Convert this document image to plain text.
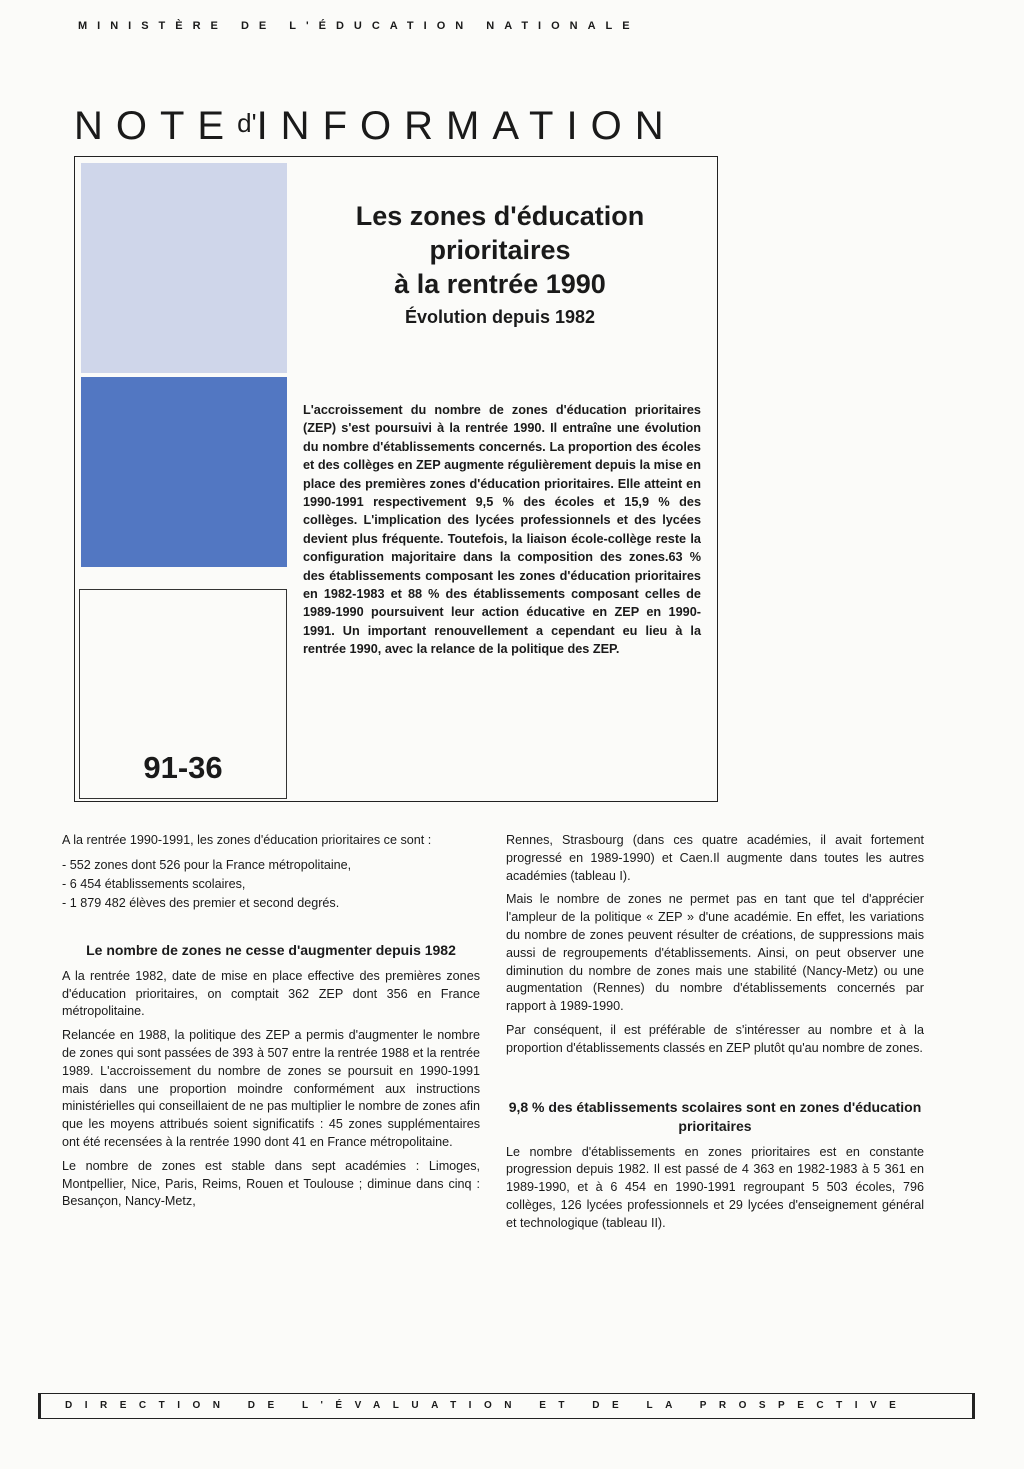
MINISTÈRE DE L'ÉDUCATION NATIONALE
$NOTE^{d'}INFORMATION$
91-36
Les zones d'éducation
prioritaires
à la rentrée 1990
Évolution depuis 1982

L'accroissement du nombre de zones d'éducation prioritaires (ZEP) s'est poursuivi à la rentrée 1990. Il entraîne une évolution du nombre d'établissements concernés. La proportion des écoles et des collèges en ZEP augmente régulièrement depuis la mise en place des premières zones d'éducation prioritaires. Elle atteint en 1990-1991 respectivement 9,5 % des écoles et 15,9 % des collèges. L'implication des lycées professionnels et des lycées devient plus fréquente. Toutefois, la liaison école-collège reste la configuration majoritaire dans la composition des zones.63 % des établissements composant les zones d'éducation prioritaires en 1982-1983 et 88 % des établissements composant celles de 1989-1990 poursuivent leur action éducative en ZEP en 1990-1991. Un important renouvellement a cependant eu lieu à la rentrée 1990, avec la relance de la politique des ZEP.

A la rentrée 1990-1991, les zones d'éducation prioritaires ce sont :

- 552 zones dont 526 pour la France métropolitaine,
- 6 454 établissements scolaires,
- 1 879 482 élèves des premier et second degrés.
Le nombre de zones ne cesse d'augmenter depuis 1982

A la rentrée 1982, date de mise en place effective des premières zones d'éducation prioritaires, on comptait 362 ZEP dont 356 en France métropolitaine.

Relancée en 1988, la politique des ZEP a permis d'augmenter le nombre de zones qui sont passées de 393 à 507 entre la rentrée 1988 et la rentrée 1989. L'accroissement du nombre de zones se poursuit en 1990-1991 mais dans une proportion moindre conformément aux instructions ministérielles qui conseillaient de ne pas multiplier le nombre de zones afin que les moyens attribués soient significatifs : 45 zones supplémentaires ont été recensées à la rentrée 1990 dont 41 en France métropolitaine.

Le nombre de zones est stable dans sept académies : Limoges, Montpellier, Nice, Paris, Reims, Rouen et Toulouse ; diminue dans cinq : Besançon, Nancy-Metz,

Rennes, Strasbourg (dans ces quatre académies, il avait fortement progressé en 1989-1990) et Caen.Il augmente dans toutes les autres académies (tableau I).

Mais le nombre de zones ne permet pas en tant que tel d'apprécier l'ampleur de la politique « ZEP » d'une académie. En effet, les variations du nombre de zones peuvent résulter de créations, de suppressions mais aussi de regroupements d'établissements. Ainsi, on peut observer une diminution du nombre de zones mais une stabilité (Nancy-Metz) ou une augmentation (Rennes) du nombre d'établissements concernés par rapport à 1989-1990.

Par conséquent, il est préférable de s'intéresser au nombre et à la proportion d'établissements classés en ZEP plutôt qu'au nombre de zones.

9,8 % des établissements scolaires sont en zones d'éducation prioritaires

Le nombre d'établissements en zones prioritaires est en constante progression depuis 1982. Il est passé de 4 363 en 1982-1983 à 5 361 en 1989-1990, et à 6 454 en 1990-1991 regroupant 5 503 écoles, 796 collèges, 126 lycées professionnels et 29 lycées d'enseignement général et technologique (tableau II).

DIRECTION DE L'ÉVALUATION ET DE LA PROSPECTIVE
